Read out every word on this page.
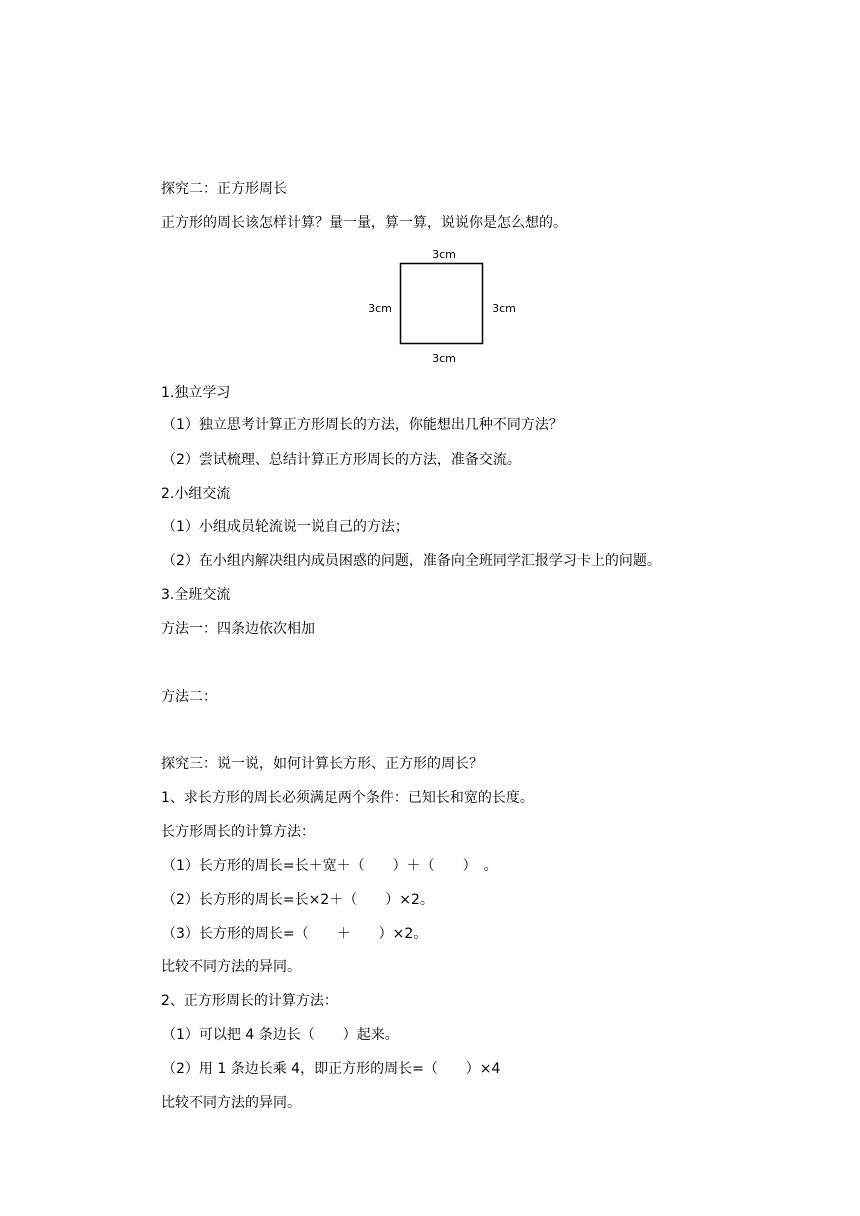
探究二：正方形周长
正方形的周长该怎样计算？量一量，算一算，说说你是怎么想的。
3cm
3cm	3cm
3cm
1.独立学习
（1）独立思考计算正方形周长的方法，你能想出几种不同方法？
（2）尝试梳理、总结计算正方形周长的方法，准备交流。
2.小组交流
（1）小组成员轮流说一说自己的方法；
（2）在小组内解决组内成员困惑的问题，准备向全班同学汇报学习卡上的问题。
3.全班交流
方法一：四条边依次相加
方法二：
探究三：说一说，如何计算长方形、正方形的周长？
1、求长方形的周长必须满足两个条件：已知长和宽的长度。
长方形周长的计算方法：
（1）长方形的周长=长＋宽＋（　　）＋（　　）　。
（2）长方形的周长=长×2＋（　　）×2。
（3）长方形的周长=（　　＋　　）×2。
比较不同方法的异同。
2、正方形周长的计算方法：
（1）可以把 4 条边长（　　）起来。
（2）用 1 条边长乘 4，即正方形的周长=（　　）×4
比较不同方法的异同。
